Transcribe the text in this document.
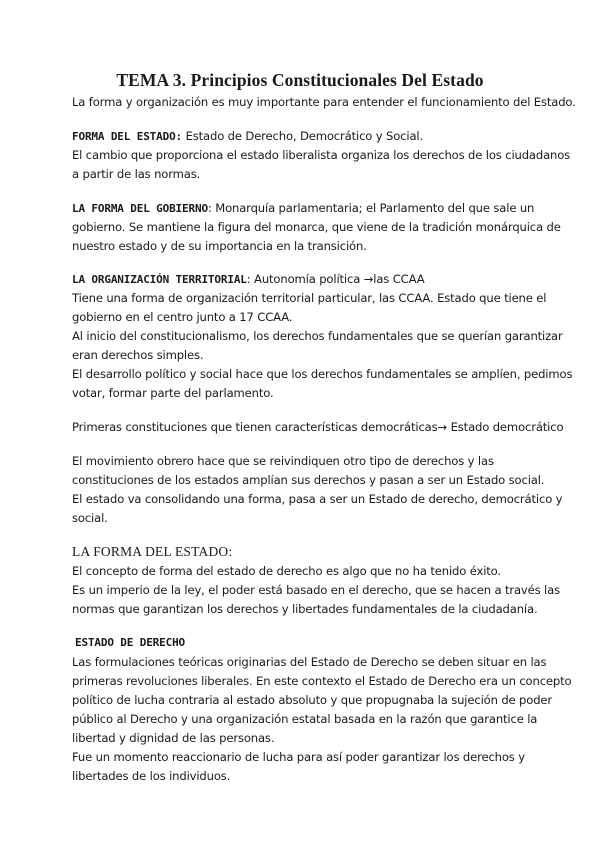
TEMA 3. Principios Constitucionales Del Estado

La forma y organización es muy importante para entender el funcionamiento del Estado.

FORMA DEL ESTADO: Estado de Derecho, Democrático y Social.

El cambio que proporciona el estado liberalista organiza los derechos de los ciudadanos

a partir de las normas.

LA FORMA DEL GOBIERNO: Monarquía parlamentaria; el Parlamento del que sale un

gobierno. Se mantiene la figura del monarca, que viene de la tradición monárquica de

nuestro estado y de su importancia en la transición.

LA ORGANIZACIÓN TERRITORIAL: Autonomía política →las CCAA

Tiene una forma de organización territorial particular, las CCAA. Estado que tiene el

gobierno en el centro junto a 17 CCAA.

Al inicio del constitucionalismo, los derechos fundamentales que se querían garantizar

eran derechos simples.

El desarrollo político y social hace que los derechos fundamentales se amplíen, pedimos

votar, formar parte del parlamento.

Primeras constituciones que tienen características democráticas→ Estado democrático

El movimiento obrero hace que se reivindiquen otro tipo de derechos y las

constituciones de los estados amplían sus derechos y pasan a ser un Estado social.

El estado va consolidando una forma, pasa a ser un Estado de derecho, democrático y

social.

LA FORMA DEL ESTADO:

El concepto de forma del estado de derecho es algo que no ha tenido éxito.

Es un imperio de la ley, el poder está basado en el derecho, que se hacen a través las

normas que garantizan los derechos y libertades fundamentales de la ciudadanía.

ESTADO DE DERECHO

Las formulaciones teóricas originarias del Estado de Derecho se deben situar en las

primeras revoluciones liberales. En este contexto el Estado de Derecho era un concepto

político de lucha contraria al estado absoluto y que propugnaba la sujeción de poder

público al Derecho y una organización estatal basada en la razón que garantice la

libertad y dignidad de las personas.

Fue un momento reaccionario de lucha para así poder garantizar los derechos y

libertades de los individuos.
